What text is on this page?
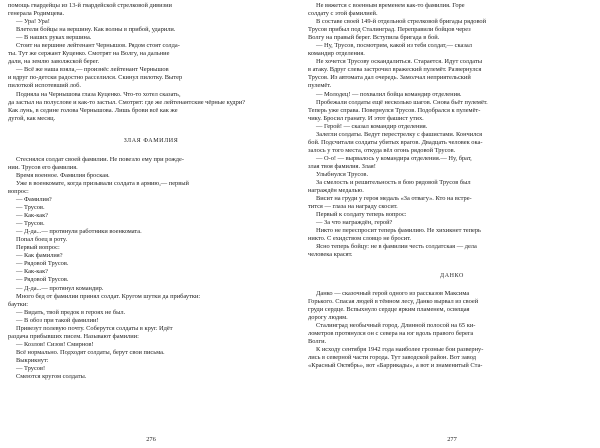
помощь гвардейцы из 13-й гвардейской стрелковой дивизии
генерала Родимцева.
— Ура! Ура!
Влетели бойцы на вершину. Как волны в прибой, ударили.
— В наших руках вершина.
Стоит на вершине лейтенант Чернышов. Рядом стоят солда-
ты. Тут же сержант Куценко. Смотрят на Волгу, на дальние
дали, на землю заволжской берег.
— Всё же наша взяла,— произнёс лейтенант Чернышов
и вдруг по-детски радостно расселился. Скинул пилотку. Вытер
пилоткой испотевший лоб.
Подняла на Чернышова глаза Куценко. Что-то хотел сказать,
да застыл на полуслове и как-то застыл. Смотрят: где же лейтенантские чёрные кудри?
Как лунь, в седине голова Чернышова. Лишь брови всё как же
дугой, как месяц.
ЗЛАЯ ФАМИЛИЯ
Стеснялся солдат своей фамилии. Не повезло ему при рожде-
нии. Трусов его фамилия.
Время военное. Фамилия броская.
Уже в военкомате, когда призывали солдата в армию,— первый
вопрос:
— Фамилия?
— Трусов.
— Как-как?
— Трусов.
— Д-да...— протянули работники военкомата.
Попал боец в роту.
Первый вопрос:
— Как фамилия?
— Рядовой Трусов.
— Как-как?
— Рядовой Трусов.
— Д-да...— протянул командир.
Много бед от фамилии принял солдат. Кругом шутки да прибаутки:
баутки:
— Видать, твой предок в героях не был.
— В обоз при такой фамилии!
Привезут полевую почту. Соберутся солдаты в круг. Идёт
раздача прибывших писем. Называют фамилии:
— Козлов! Сизов! Смирнов!
Всё нормально. Подходят солдаты, берут свои письма.
Выкрикнут:
— Трусов!
Смеются кругом солдаты.
276
Не вяжется с военным временем как-то фамилия. Горе
солдату с этой фамилией.
В составе своей 149-й отдельной стрелковой бригады рядовой
Трусов прибыл под Сталинград. Переправили бойцов через
Волгу на правый берег. Вступила бригада в бой.
— Ну, Трусов, посмотрим, какой из тебя солдат,— сказал
командир отделения.
Не хочется Трусову оскандалиться. Старается. Идут солдаты
в атаку. Вдруг слева застрочил вражеский пулемёт. Развернулся
Трусов. Из автомата дал очередь. Замолчал неприятельский
пулемёт.
— Молодец! — похвалил бойца командир отделения.
Пробежали солдаты ещё несколько шагов. Снова бьёт пулемёт.
Теперь уже справа. Повернулся Трусов. Подобрался к пулемёт-
чику. Бросил гранату. И этот фашист утих.
— Герой! — сказал командир отделения.
Залегли солдаты. Ведут перестрелку с фашистами. Кончился
бой. Подсчитали солдаты убитых врагов. Двадцать человек ока-
залось у того места, откуда вёл огонь рядовой Трусов.
— О-о! — вырвалось у командира отделения.— Ну, брат,
злая твоя фамилия. Злая!
Улыбнулся Трусов.
За смелость и решительность в бою рядовой Трусов был
награждён медалью.
Висит на груди у героя медаль «За отвагу». Кто на встре-
тится — глаза на награду скосит.
Первый к солдату теперь вопрос:
— За что награждён, герой?
Никто не переспросит теперь фамилию. Не хихикнет теперь
никто. С ехидством словцо не бросит.
Ясно теперь бойцу: не в фамилии честь солдатская — дела
человека красят.
ДАНКО
Данко — сказочный герой одного из рассказов Максима
Горького. Спасая людей в тёмном лесу, Данко вырвал из своей
груди сердце. Вспыхнуло сердце ярким пламенем, освещая
дорогу людям.
Сталинград необычный город. Длинной полосой на 65 ки-
лометров протянулся он с севера на юг вдоль правого берега
Волги.
К исходу сентября 1942 года наиболее грозные бои разверну-
лись в северной части города. Тут заводской район. Вот завод
«Красный Октябрь», вот «Баррикады», а вот и знаменитый Ста-
277
